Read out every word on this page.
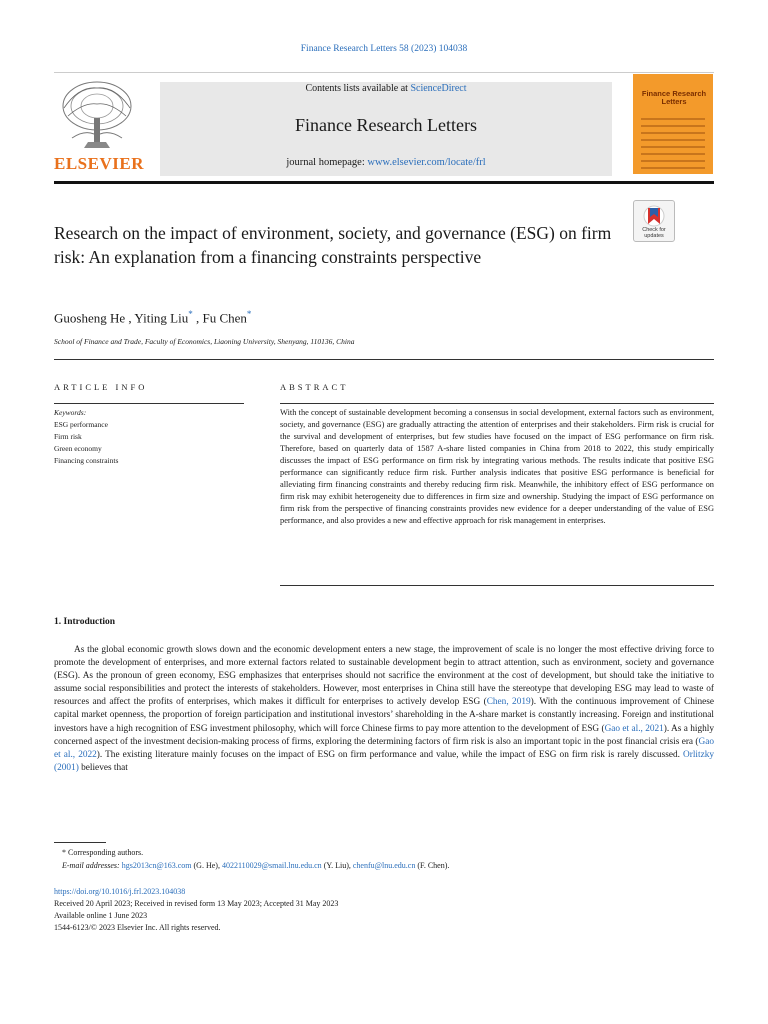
Finance Research Letters 58 (2023) 104038
ELSEVIER
Contents lists available at ScienceDirect
Finance Research Letters
journal homepage: www.elsevier.com/locate/frl
Finance Research Letters
Check for updates
Research on the impact of environment, society, and governance (ESG) on firm risk: An explanation from a financing constraints perspective
Guosheng He , Yiting Liu* , Fu Chen*
School of Finance and Trade, Faculty of Economics, Liaoning University, Shenyang, 110136, China
ARTICLE INFO	ABSTRACT
Keywords:
ESG performance
Firm risk
Green economy
Financing constraints
With the concept of sustainable development becoming a consensus in social development, external factors such as environment, society, and governance (ESG) are gradually attracting the attention of enterprises and their stakeholders. Firm risk is crucial for the survival and development of enterprises, but few studies have focused on the impact of ESG performance on firm risk. Therefore, based on quarterly data of 1587 A-share listed companies in China from 2018 to 2022, this study empirically discusses the impact of ESG performance on firm risk by integrating various methods. The results indicate that positive ESG performance can significantly reduce firm risk. Further analysis indicates that positive ESG performance is beneficial for alleviating firm financing constraints and thereby reducing firm risk. Meanwhile, the inhibitory effect of ESG performance on firm risk may exhibit heterogeneity due to differences in firm size and ownership. Studying the impact of ESG performance on firm risk from the perspective of financing constraints provides new evidence for a deeper understanding of the value of ESG performance, and also provides a new and effective approach for risk management in enterprises.
1. Introduction
As the global economic growth slows down and the economic development enters a new stage, the improvement of scale is no longer the most effective driving force to promote the development of enterprises, and more external factors related to sustainable development begin to attract attention, such as environment, society and governance (ESG). As the pronoun of green economy, ESG emphasizes that enterprises should not sacrifice the environment at the cost of development, but should take the initiative to assume social responsibilities and protect the interests of stakeholders. However, most enterprises in China still have the stereotype that developing ESG may lead to waste of resources and affect the profits of enterprises, which makes it difficult for enterprises to actively develop ESG (Chen, 2019). With the continuous improvement of Chinese capital market openness, the proportion of foreign participation and institutional investors’ shareholding in the A-share market is constantly increasing. Foreign and institutional investors have a high recognition of ESG investment philosophy, which will force Chinese firms to pay more attention to the development of ESG (Gao et al., 2021). As a highly concerned aspect of the investment decision-making process of firms, exploring the determining factors of firm risk is also an important topic in the post financial crisis era (Gao et al., 2022). The existing literature mainly focuses on the impact of ESG on firm performance and value, while the impact of ESG on firm risk is rarely discussed. Orlitzky (2001) believes that
* Corresponding authors.
E-mail addresses: hgs2013cn@163.com (G. He), 4022110029@smail.lnu.edu.cn (Y. Liu), chenfu@lnu.edu.cn (F. Chen).
https://doi.org/10.1016/j.frl.2023.104038
Received 20 April 2023; Received in revised form 13 May 2023; Accepted 31 May 2023
Available online 1 June 2023
1544-6123/© 2023 Elsevier Inc. All rights reserved.
